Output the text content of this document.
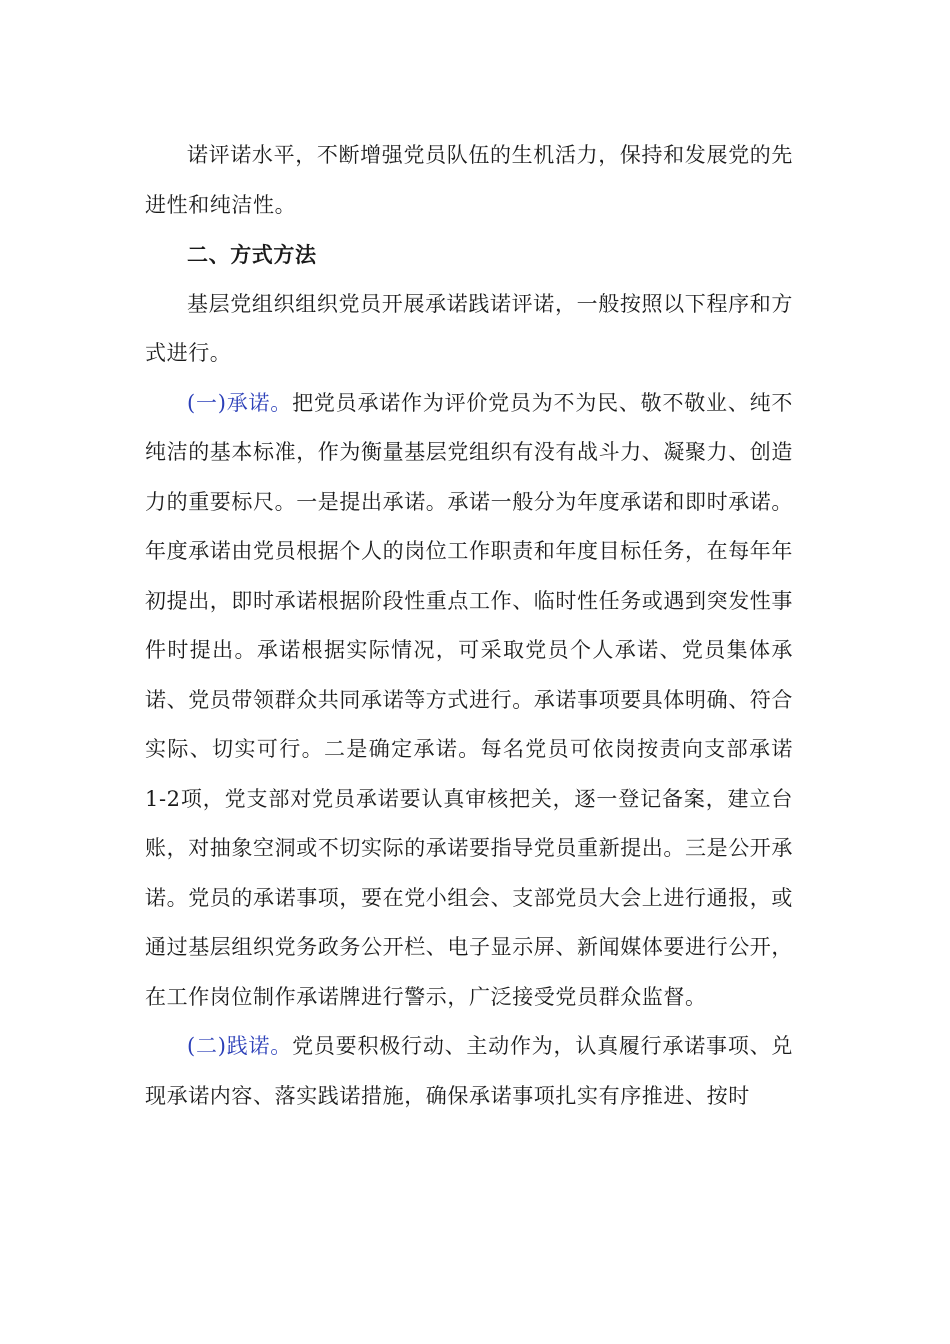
诺评诺水平，不断增强党员队伍的生机活力，保持和发展党的先进性和纯洁性。

二、方式方法

基层党组织组织党员开展承诺践诺评诺，一般按照以下程序和方式进行。

(一)承诺。把党员承诺作为评价党员为不为民、敬不敬业、纯不纯洁的基本标准，作为衡量基层党组织有没有战斗力、凝聚力、创造力的重要标尺。一是提出承诺。承诺一般分为年度承诺和即时承诺。年度承诺由党员根据个人的岗位工作职责和年度目标任务，在每年年初提出，即时承诺根据阶段性重点工作、临时性任务或遇到突发性事件时提出。承诺根据实际情况，可采取党员个人承诺、党员集体承诺、党员带领群众共同承诺等方式进行。承诺事项要具体明确、符合实际、切实可行。二是确定承诺。每名党员可依岗按责向支部承诺1-2项，党支部对党员承诺要认真审核把关，逐一登记备案，建立台账，对抽象空洞或不切实际的承诺要指导党员重新提出。三是公开承诺。党员的承诺事项，要在党小组会、支部党员大会上进行通报，或通过基层组织党务政务公开栏、电子显示屏、新闻媒体要进行公开，在工作岗位制作承诺牌进行警示，广泛接受党员群众监督。

(二)践诺。党员要积极行动、主动作为，认真履行承诺事项、兑现承诺内容、落实践诺措施，确保承诺事项扎实有序推进、按时
